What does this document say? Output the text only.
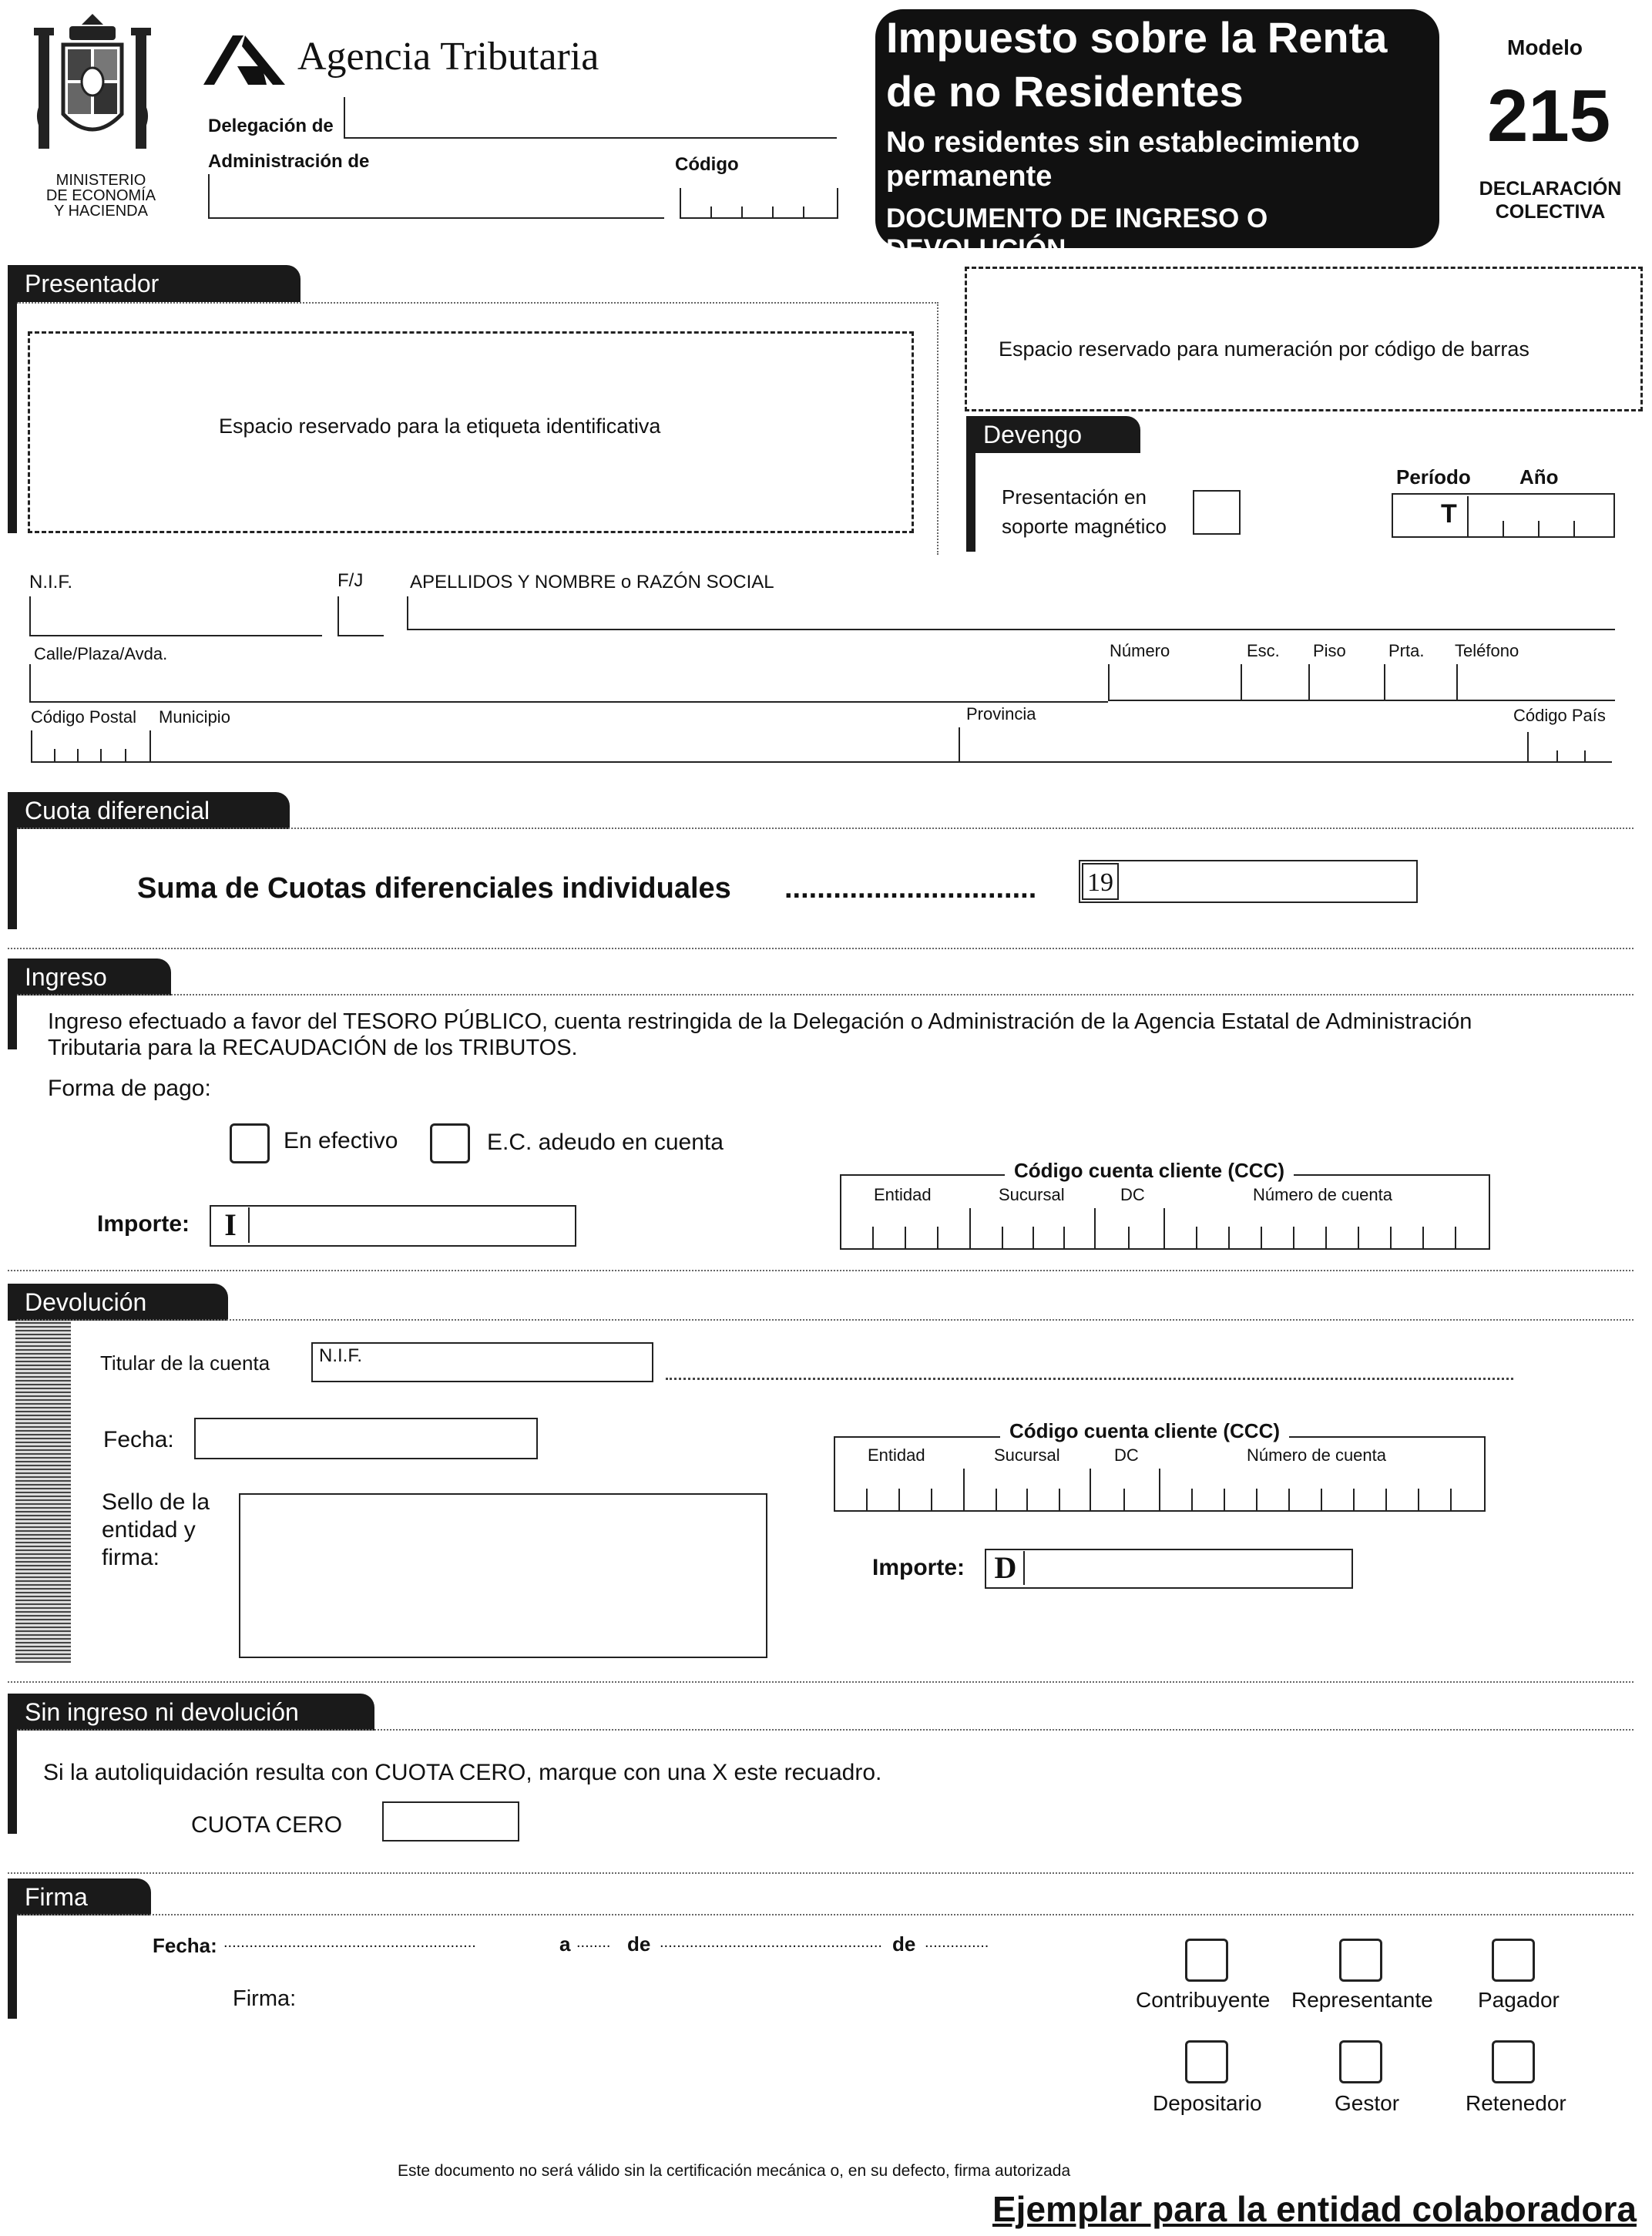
MINISTERIO
DE ECONOMÍA
Y HACIENDA
Agencia Tributaria
Delegación de
Administración de	Código
Impuesto sobre la Renta
de no Residentes
No residentes sin establecimiento
permanente
DOCUMENTO DE INGRESO O DEVOLUCIÓN
Modelo
215
DECLARACIÓN
COLECTIVA
Presentador
Espacio reservado para la etiqueta identificativa
Espacio reservado para numeración por código de barras
Devengo
Presentación en
soporte magnético
Período Año
T
N.I.F.	F/J	APELLIDOS Y NOMBRE o RAZÓN SOCIAL
Calle/Plaza/Avda.	Número	Esc. Piso	Prta. Teléfono
Código Postal Municipio	Provincia	Código País
Cuota diferencial
Suma de Cuotas diferenciales individuales ............................... 19
Ingreso
Ingreso efectuado a favor del TESORO PÚBLICO, cuenta restringida de la Delegación o Administración de la Agencia Estatal de Administración
Tributaria para la RECAUDACIÓN de los TRIBUTOS.
Forma de pago:
En efectivo	E.C. adeudo en cuenta
Importe:	I
Código cuenta cliente (CCC)
Entidad	Sucursal	DC	Número de cuenta
Devolución
Titular de la cuenta	N.I.F.
Fecha:
Sello de la
entidad y
firma:
Código cuenta cliente (CCC)
Entidad	Sucursal	DC	Número de cuenta
Importe: D
Sin ingreso ni devolución
Si la autoliquidación resulta con CUOTA CERO, marque con una X este recuadro.
CUOTA CERO
Firma
Fecha: ...........................................................	a ........ de .................................................... de ...............
Firma:	Contribuyente Representante Pagador
Depositario	Gestor	Retenedor
Este documento no será válido sin la certificación mecánica o, en su defecto, firma autorizada
Ejemplar para la entidad colaboradora
